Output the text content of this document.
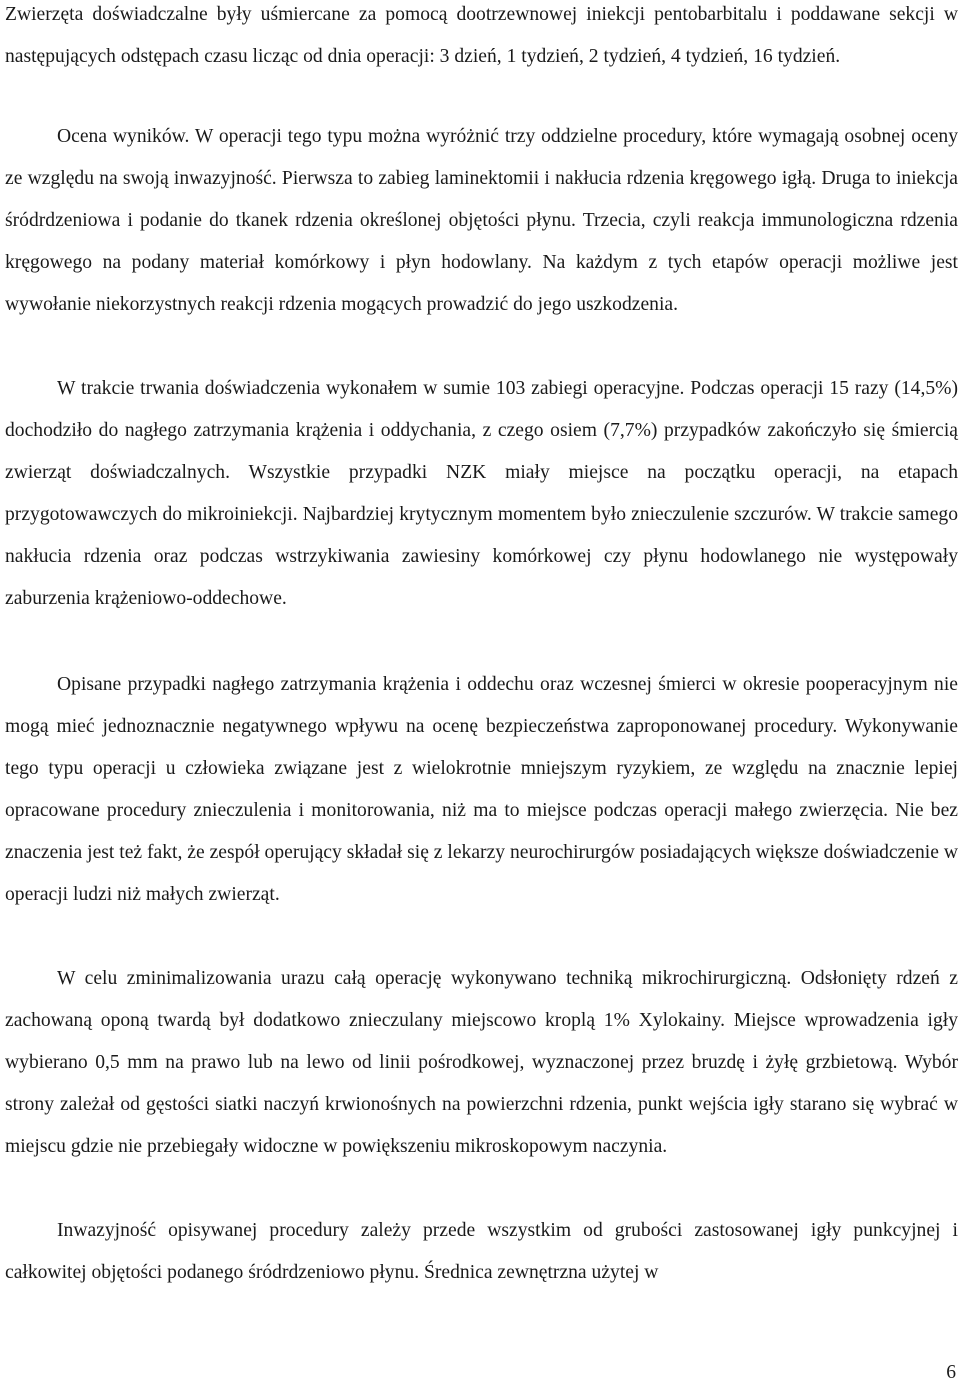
Zwierzęta doświadczalne były uśmiercane za pomocą dootrzewnowej iniekcji pentobarbitalu i poddawane sekcji w następujących odstępach czasu licząc od dnia operacji: 3 dzień, 1 tydzień, 2 tydzień, 4 tydzień, 16 tydzień.

Ocena wyników. W operacji tego typu można wyróżnić trzy oddzielne procedury, które wymagają osobnej oceny ze względu na swoją inwazyjność. Pierwsza to zabieg laminektomii i nakłucia rdzenia kręgowego igłą. Druga to iniekcja śródrdzeniowa i podanie do tkanek rdzenia określonej objętości płynu. Trzecia, czyli reakcja immunologiczna rdzenia kręgowego na podany materiał komórkowy i płyn hodowlany. Na każdym z tych etapów operacji możliwe jest wywołanie niekorzystnych reakcji rdzenia mogących prowadzić do jego uszkodzenia.

W trakcie trwania doświadczenia wykonałem w sumie 103 zabiegi operacyjne. Podczas operacji 15 razy (14,5%) dochodziło do nagłego zatrzymania krążenia i oddychania, z czego osiem (7,7%) przypadków zakończyło się śmiercią zwierząt doświadczalnych. Wszystkie przypadki NZK miały miejsce na początku operacji, na etapach przygotowawczych do mikroiniekcji. Najbardziej krytycznym momentem było znieczulenie szczurów. W trakcie samego nakłucia rdzenia oraz podczas wstrzykiwania zawiesiny komórkowej czy płynu hodowlanego nie występowały zaburzenia krążeniowo-oddechowe.

Opisane przypadki nagłego zatrzymania krążenia i oddechu oraz wczesnej śmierci w okresie pooperacyjnym nie mogą mieć jednoznacznie negatywnego wpływu na ocenę bezpieczeństwa zaproponowanej procedury. Wykonywanie tego typu operacji u człowieka związane jest z wielokrotnie mniejszym ryzykiem, ze względu na znacznie lepiej opracowane procedury znieczulenia i monitorowania, niż ma to miejsce podczas operacji małego zwierzęcia. Nie bez znaczenia jest też fakt, że zespół operujący składał się z lekarzy neurochirurgów posiadających większe doświadczenie w operacji ludzi niż małych zwierząt.

W celu zminimalizowania urazu całą operację wykonywano techniką mikrochirurgiczną. Odsłonięty rdzeń z zachowaną oponą twardą był dodatkowo znieczulany miejscowo kroplą 1% Xylokainy. Miejsce wprowadzenia igły wybierano 0,5 mm na prawo lub na lewo od linii pośrodkowej, wyznaczonej przez bruzdę i żyłę grzbietową. Wybór strony zależał od gęstości siatki naczyń krwionośnych na powierzchni rdzenia, punkt wejścia igły starano się wybrać w miejscu gdzie nie przebiegały widoczne w powiększeniu mikroskopowym naczynia.

Inwazyjność opisywanej procedury zależy przede wszystkim od grubości zastosowanej igły punkcyjnej i całkowitej objętości podanego śródrdzeniowo płynu. Średnica zewnętrzna użytej w

6
